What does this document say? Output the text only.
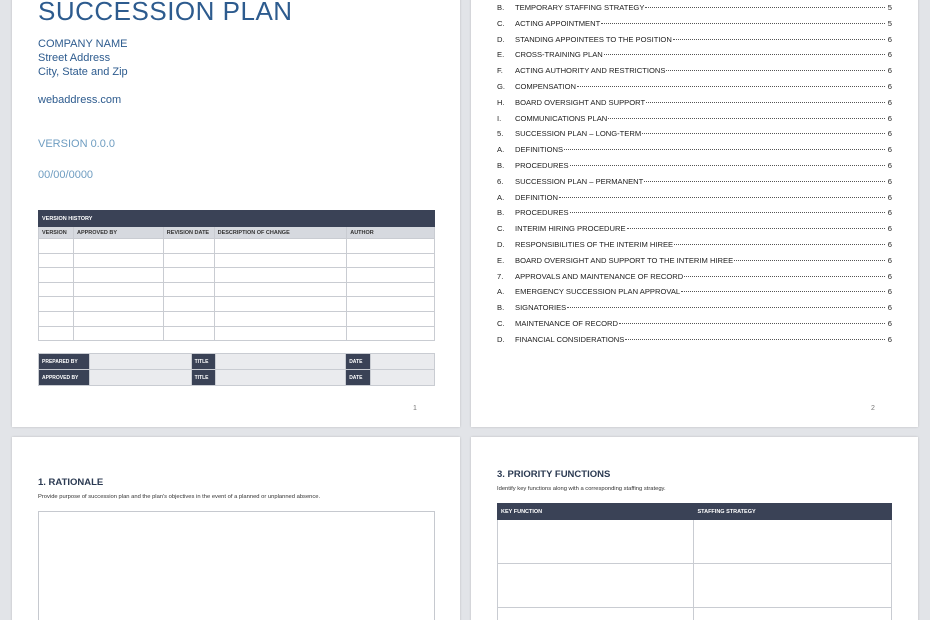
SUCCESSION PLAN
COMPANY NAME
Street Address
City, State and Zip
webaddress.com
VERSION 0.0.0
00/00/0000
VERSION HISTORY				
VERSION	APPROVED BY	REVISION DATE	DESCRIPTION OF CHANGE	AUTHOR

PREPARED BY		TITLE		DATE	
APPROVED BY		TITLE		DATE	
1
B.	TEMPORARY STAFFING STRATEGY	5
C.	ACTING APPOINTMENT	5
D.	STANDING APPOINTEES TO THE POSITION	6
E.	CROSS-TRAINING PLAN	6
F.	ACTING AUTHORITY AND RESTRICTIONS	6
G.	COMPENSATION	6
H.	BOARD OVERSIGHT AND SUPPORT	6
I.	COMMUNICATIONS PLAN	6
5.	SUCCESSION PLAN – LONG-TERM	6
A.	DEFINITIONS	6
B.	PROCEDURES	6
6.	SUCCESSION PLAN – PERMANENT	6
A.	DEFINITION	6
B.	PROCEDURES	6
C.	INTERIM HIRING PROCEDURE	6
D.	RESPONSIBILITIES OF THE INTERIM HIREE	6
E.	BOARD OVERSIGHT AND SUPPORT TO THE INTERIM HIREE	6
7.	APPROVALS AND MAINTENANCE OF RECORD	6
A.	EMERGENCY SUCCESSION PLAN APPROVAL	6
B.	SIGNATORIES	6
C.	MAINTENANCE OF RECORD	6
D.	FINANCIAL CONSIDERATIONS	6
2
1. RATIONALE
Provide purpose of succession plan and the plan's objectives in the event of a planned or unplanned absence.
3. PRIORITY FUNCTIONS
Identify key functions along with a corresponding staffing strategy.
KEY FUNCTION	STAFFING STRATEGY
